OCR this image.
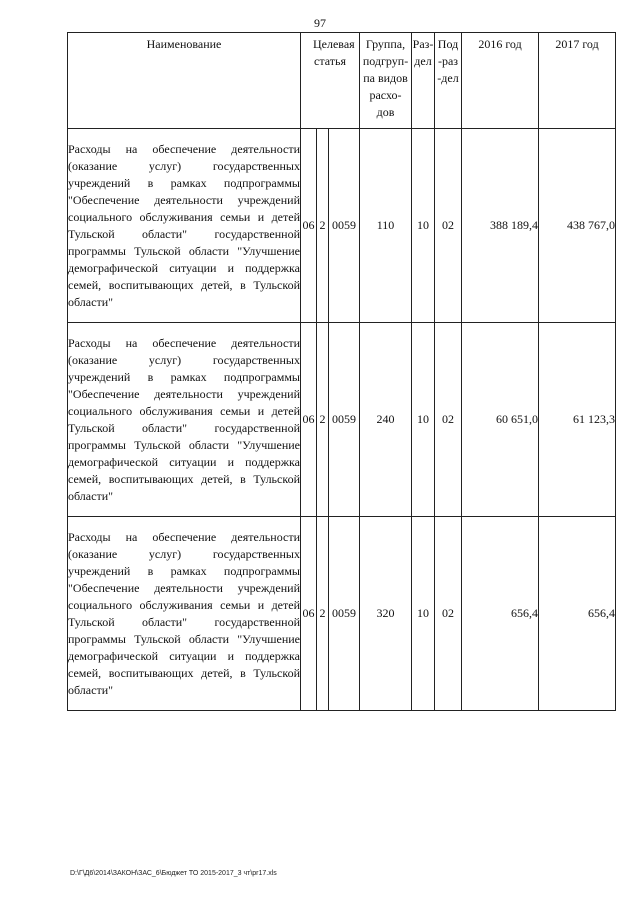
97
Наименование	Целевая статья			Группа, подгруп-па видов расхо-дов	Раз-дел	Под-раз-дел	2016 год	2017 год
Расходы на обеспечение деятельности (оказание услуг) государственных учреждений в рамках подпрограммы "Обеспечение деятельности учреждений социального обслуживания семьи и детей Тульской области" государственной программы Тульской области "Улучшение демографической ситуации и поддержка семей, воспитывающих детей, в Тульской области"	06	2	0059	110	10	02	388 189,4	438 767,0
Расходы на обеспечение деятельности (оказание услуг) государственных учреждений в рамках подпрограммы "Обеспечение деятельности учреждений социального обслуживания семьи и детей Тульской области" государственной программы Тульской области "Улучшение демографической ситуации и поддержка семей, воспитывающих детей, в Тульской области"	06	2	0059	240	10	02	60 651,0	61 123,3
Расходы на обеспечение деятельности (оказание услуг) государственных учреждений в рамках подпрограммы "Обеспечение деятельности учреждений социального обслуживания семьи и детей Тульской области" государственной программы Тульской области "Улучшение демографической ситуации и поддержка семей, воспитывающих детей, в Тульской области"	06	2	0059	320	10	02	656,4	656,4
D:\Г\Д6\2014\ЗАКОН\ЗАС_6\Бюджет ТО 2015-2017_3 чт\pr17.xls
